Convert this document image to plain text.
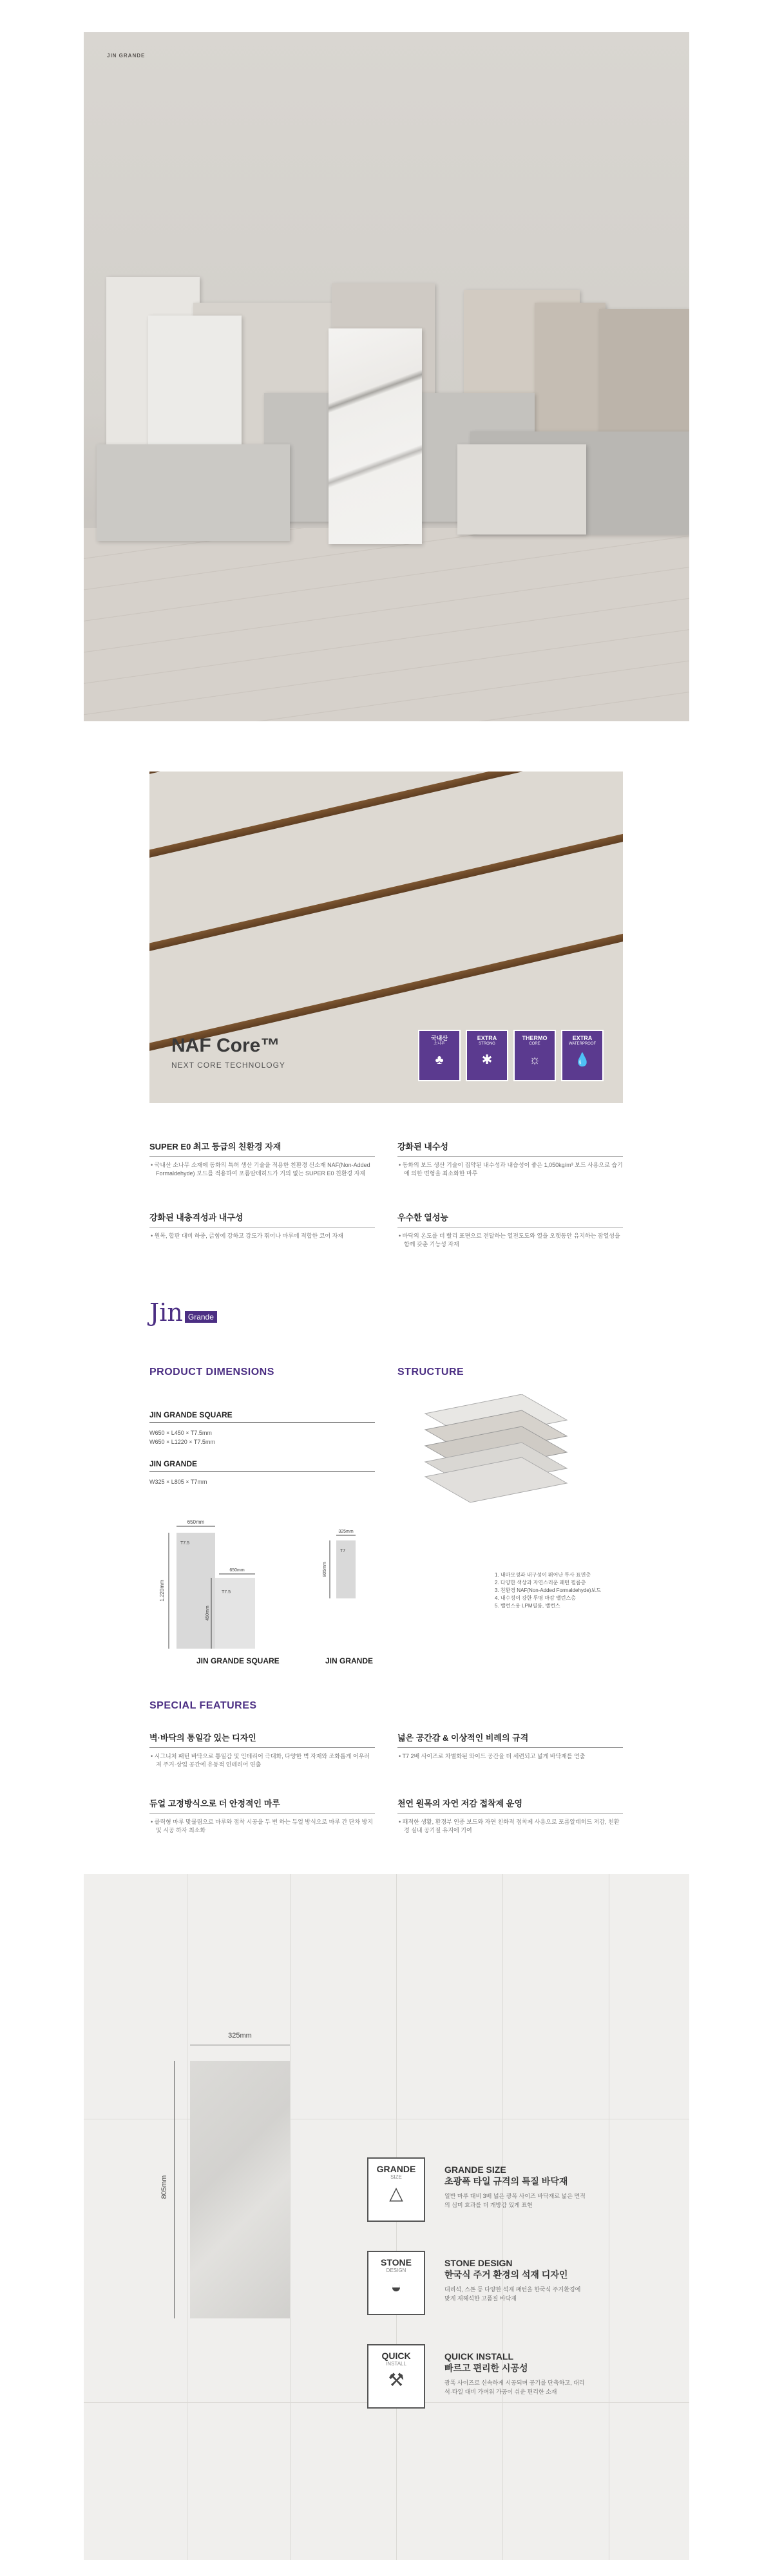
JIN GRANDE
NAF Core™
NEXT CORE TECHNOLOGY
국내산
소나무
♣
EXTRA
STRONG
✱
THERMO
CORE
☼
EXTRA
WATERPROOF
💧
SUPER E0 최고 등급의 친환경 자재
• 국내산 소나무 소재에 동화의 특허 생산 기술을 적용한 친환경 신소재 NAF(Non-Added Formaldehyde) 보드를 적용하여 포름알데히드가 거의 없는 SUPER E0 친환경 자재
강화된 내수성
• 동화의 보드 생산 기술이 집약된 내수성과 내습성이 좋은 1,050kg/m³ 보드 사용으로 습기에 의한 변형을 최소화한 마루
강화된 내충격성과 내구성
• 원목, 합판 대비 하중, 긁힘에 강하고 강도가 뛰어나 마루에 적합한 코어 자재
우수한 열성능
• 바닥의 온도를 더 빨리 표면으로 전달하는 열전도도와 열을 오랫동안 유지하는 잠열성을 함께 갖춘 기능성 자재
Jin Grande
PRODUCT DIMENSIONS	STRUCTURE
JIN GRANDE SQUARE
W650 × L450 × T7.5mm
W650 × L1220 × T7.5mm
JIN GRANDE
W325 × L805 × T7mm
650mm
1,220mm
T7.5
650mm
450mm
T7.5
325mm
805mm
T7
JIN GRANDE SQUARE	JIN GRANDE
1. 내마모성과 내구성이 뛰어난 투사 표면층
2. 다양한 색상과 자연스러운 패턴 필름층
3. 친환경 NAF(Non-Added Formaldehyde)보드
4. 내수성이 강한 투명 마감 밸런스층
5. 밸런스용 LPM필름, 밸런스
SPECIAL FEATURES
벽·바닥의 통일감 있는 디자인
• 시그니처 패턴 바닥으로 통일감 및 인테리어 극대화, 다양한 벽 자재와 조화롭게 어우러져 주거·상업 공간에 유동적 인테리어 연출
넓은 공간감 & 이상적인 비례의 규격
• T7 2배 사이즈로 차별화된 와이드 공간을 더 세련되고 넓게 바닥재를 연출
듀얼 고정방식으로 더 안정적인 마루
• 클릭형 마루 맞물림으로 마루와 접착 시공을 두 번 하는 듀얼 방식으로 마루 간 단차 방지 및 시공 하자 최소화
천연 원목의 자연 저감 접착제 운영
• 쾌적한 생활, 환경부 인증 보드와 자연 친화적 접착제 사용으로 포름알데히드 저감, 친환경 실내 공기질 유지에 기여
325mm
805mm
GRANDE
SIZE
△
GRANDE SIZE
초광폭 타일 규격의 특질 바닥재
일반 마루 대비 3배 넓은 광폭 사이즈 바닥재로 넓은 면적의 심미 효과를 더 개방감 있게 표현
STONE
DESIGN
◒
STONE DESIGN
한국식 주거 환경의 석재 디자인
대리석, 스톤 등 다양한 석재 패턴을 한국식 주거환경에 맞게 재해석한 고품질 바닥재
QUICK
INSTALL
⚒
QUICK INSTALL
빠르고 편리한 시공성
광폭 사이즈로 신속하게 시공되며 공기를 단축하고, 대리석·타일 대비 가벼워 가공이 쉬운 편리한 소재
